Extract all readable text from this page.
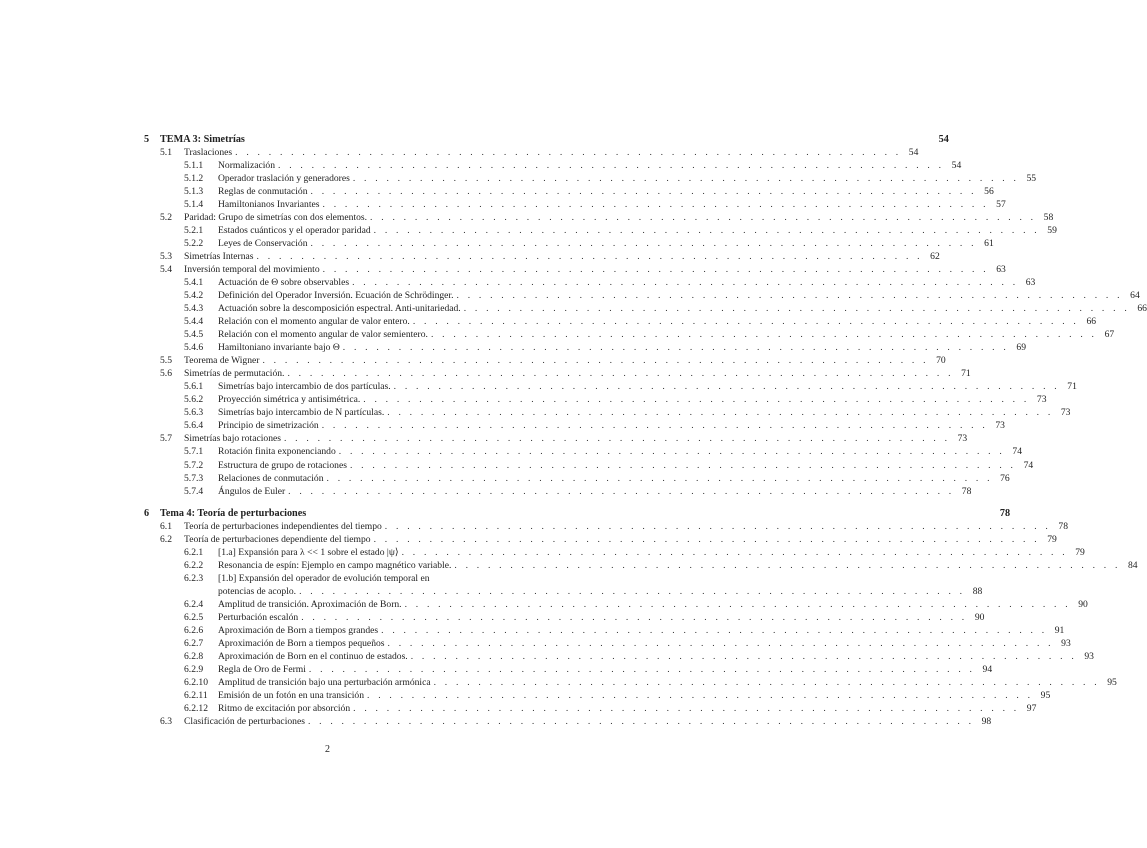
5	TEMA 3: Simetrías	54
5.1	Traslaciones . . . . . . . . . . . . . . . . . . . . . . . . . . . . . . . . . . . . . . . . . . . . . . . . . . . . . . . . . . . . 54
5.1.1	Normalización . . . . . . . . . . . . . . . . . . . . . . . . . . . . . . . . . . . . . . . . . . . . . . . . . . . . . . . . . . . . 54
5.1.2	Operador traslación y generadores . . . . . . . . . . . . . . . . . . . . . . . . . . . . . . . . . . . . . . . . . . . . . . . . . . . . . . . . . . . . 55
5.1.3	Reglas de conmutación . . . . . . . . . . . . . . . . . . . . . . . . . . . . . . . . . . . . . . . . . . . . . . . . . . . . . . . . . . . . 56
5.1.4	Hamiltonianos Invariantes . . . . . . . . . . . . . . . . . . . . . . . . . . . . . . . . . . . . . . . . . . . . . . . . . . . . . . . . . . . . 57
5.2	Paridad: Grupo de simetrías con dos elementos. . . . . . . . . . . . . . . . . . . . . . . . . . . . . . . . . . . . . . . . . . . . . . . . . . . . . . . . . . . . . 58
5.2.1	Estados cuánticos y el operador paridad . . . . . . . . . . . . . . . . . . . . . . . . . . . . . . . . . . . . . . . . . . . . . . . . . . . . . . . . . . . . 59
5.2.2	Leyes de Conservación . . . . . . . . . . . . . . . . . . . . . . . . . . . . . . . . . . . . . . . . . . . . . . . . . . . . . . . . . . . . 61
5.3	Simetrías Internas . . . . . . . . . . . . . . . . . . . . . . . . . . . . . . . . . . . . . . . . . . . . . . . . . . . . . . . . . . . . 62
5.4	Inversión temporal del movimiento . . . . . . . . . . . . . . . . . . . . . . . . . . . . . . . . . . . . . . . . . . . . . . . . . . . . . . . . . . . . 63
5.4.1	Actuación de Θ sobre observables . . . . . . . . . . . . . . . . . . . . . . . . . . . . . . . . . . . . . . . . . . . . . . . . . . . . . . . . . . . . 63
5.4.2	Definición del Operador Inversión. Ecuación de Schrödinger. . . . . . . . . . . . . . . . . . . . . . . . . . . . . . . . . . . . . . . . . . . . . . . . . . . . . . . . . . . . . 64
5.4.3	Actuación sobre la descomposición espectral. Anti-unitariedad. . . . . . . . . . . . . . . . . . . . . . . . . . . . . . . . . . . . . . . . . . . . . . . . . . . . . . . . . . . . . 66
5.4.4	Relación con el momento angular de valor entero. . . . . . . . . . . . . . . . . . . . . . . . . . . . . . . . . . . . . . . . . . . . . . . . . . . . . . . . . . . . . 66
5.4.5	Relación con el momento angular de valor semientero. . . . . . . . . . . . . . . . . . . . . . . . . . . . . . . . . . . . . . . . . . . . . . . . . . . . . . . . . . . . . 67
5.4.6	Hamiltoniano invariante bajo Θ . . . . . . . . . . . . . . . . . . . . . . . . . . . . . . . . . . . . . . . . . . . . . . . . . . . . . . . . . . . . 69
5.5	Teorema de Wigner . . . . . . . . . . . . . . . . . . . . . . . . . . . . . . . . . . . . . . . . . . . . . . . . . . . . . . . . . . . . 70
5.6	Simetrías de permutación. . . . . . . . . . . . . . . . . . . . . . . . . . . . . . . . . . . . . . . . . . . . . . . . . . . . . . . . . . . . . 71
5.6.1	Simetrías bajo intercambio de dos partículas. . . . . . . . . . . . . . . . . . . . . . . . . . . . . . . . . . . . . . . . . . . . . . . . . . . . . . . . . . . . . 71
5.6.2	Proyección simétrica y antisimétrica. . . . . . . . . . . . . . . . . . . . . . . . . . . . . . . . . . . . . . . . . . . . . . . . . . . . . . . . . . . . . 73
5.6.3	Simetrías bajo intercambio de N partículas. . . . . . . . . . . . . . . . . . . . . . . . . . . . . . . . . . . . . . . . . . . . . . . . . . . . . . . . . . . . . 73
5.6.4	Principio de simetrización . . . . . . . . . . . . . . . . . . . . . . . . . . . . . . . . . . . . . . . . . . . . . . . . . . . . . . . . . . . . 73
5.7	Simetrías bajo rotaciones . . . . . . . . . . . . . . . . . . . . . . . . . . . . . . . . . . . . . . . . . . . . . . . . . . . . . . . . . . . . 73
5.7.1	Rotación finita exponenciando . . . . . . . . . . . . . . . . . . . . . . . . . . . . . . . . . . . . . . . . . . . . . . . . . . . . . . . . . . . . 74
5.7.2	Estructura de grupo de rotaciones . . . . . . . . . . . . . . . . . . . . . . . . . . . . . . . . . . . . . . . . . . . . . . . . . . . . . . . . . . . . 74
5.7.3	Relaciones de conmutación . . . . . . . . . . . . . . . . . . . . . . . . . . . . . . . . . . . . . . . . . . . . . . . . . . . . . . . . . . . . 76
5.7.4	Ángulos de Euler . . . . . . . . . . . . . . . . . . . . . . . . . . . . . . . . . . . . . . . . . . . . . . . . . . . . . . . . . . . . 78
6	Tema 4: Teoría de perturbaciones	78
6.1	Teoría de perturbaciones independientes del tiempo . . . . . . . . . . . . . . . . . . . . . . . . . . . . . . . . . . . . . . . . . . . . . . . . . . . . . . . . . . . . 78
6.2	Teoría de perturbaciones dependiente del tiempo . . . . . . . . . . . . . . . . . . . . . . . . . . . . . . . . . . . . . . . . . . . . . . . . . . . . . . . . . . . . 79
6.2.1	[1.a] Expansión para λ << 1 sobre el estado |ψ⟩ . . . . . . . . . . . . . . . . . . . . . . . . . . . . . . . . . . . . . . . . . . . . . . . . . . . . . . . . . . . . 79
6.2.2	Resonancia de espín: Ejemplo en campo magnético variable. . . . . . . . . . . . . . . . . . . . . . . . . . . . . . . . . . . . . . . . . . . . . . . . . . . . . . . . . . . . . 84
6.2.3	[1.b] Expansión del operador de evolución temporal en
potencias de acoplo. . . . . . . . . . . . . . . . . . . . . . . . . . . . . . . . . . . . . . . . . . . . . . . . . . . . . . . . . . . . . 88
6.2.4	Amplitud de transición. Aproximación de Born. . . . . . . . . . . . . . . . . . . . . . . . . . . . . . . . . . . . . . . . . . . . . . . . . . . . . . . . . . . . . 90
6.2.5	Perturbación escalón . . . . . . . . . . . . . . . . . . . . . . . . . . . . . . . . . . . . . . . . . . . . . . . . . . . . . . . . . . . . 90
6.2.6	Aproximación de Born a tiempos grandes . . . . . . . . . . . . . . . . . . . . . . . . . . . . . . . . . . . . . . . . . . . . . . . . . . . . . . . . . . . . 91
6.2.7	Aproximación de Born a tiempos pequeños . . . . . . . . . . . . . . . . . . . . . . . . . . . . . . . . . . . . . . . . . . . . . . . . . . . . . . . . . . . . 93
6.2.8	Aproximación de Born en el continuo de estados. . . . . . . . . . . . . . . . . . . . . . . . . . . . . . . . . . . . . . . . . . . . . . . . . . . . . . . . . . . . . 93
6.2.9	Regla de Oro de Fermi . . . . . . . . . . . . . . . . . . . . . . . . . . . . . . . . . . . . . . . . . . . . . . . . . . . . . . . . . . . . 94
6.2.10	Amplitud de transición bajo una perturbación armónica . . . . . . . . . . . . . . . . . . . . . . . . . . . . . . . . . . . . . . . . . . . . . . . . . . . . . . . . . . . . 95
6.2.11	Emisión de un fotón en una transición . . . . . . . . . . . . . . . . . . . . . . . . . . . . . . . . . . . . . . . . . . . . . . . . . . . . . . . . . . . . 95
6.2.12	Ritmo de excitación por absorción . . . . . . . . . . . . . . . . . . . . . . . . . . . . . . . . . . . . . . . . . . . . . . . . . . . . . . . . . . . . 97
6.3	Clasificación de perturbaciones . . . . . . . . . . . . . . . . . . . . . . . . . . . . . . . . . . . . . . . . . . . . . . . . . . . . . . . . . . . . 98
2
